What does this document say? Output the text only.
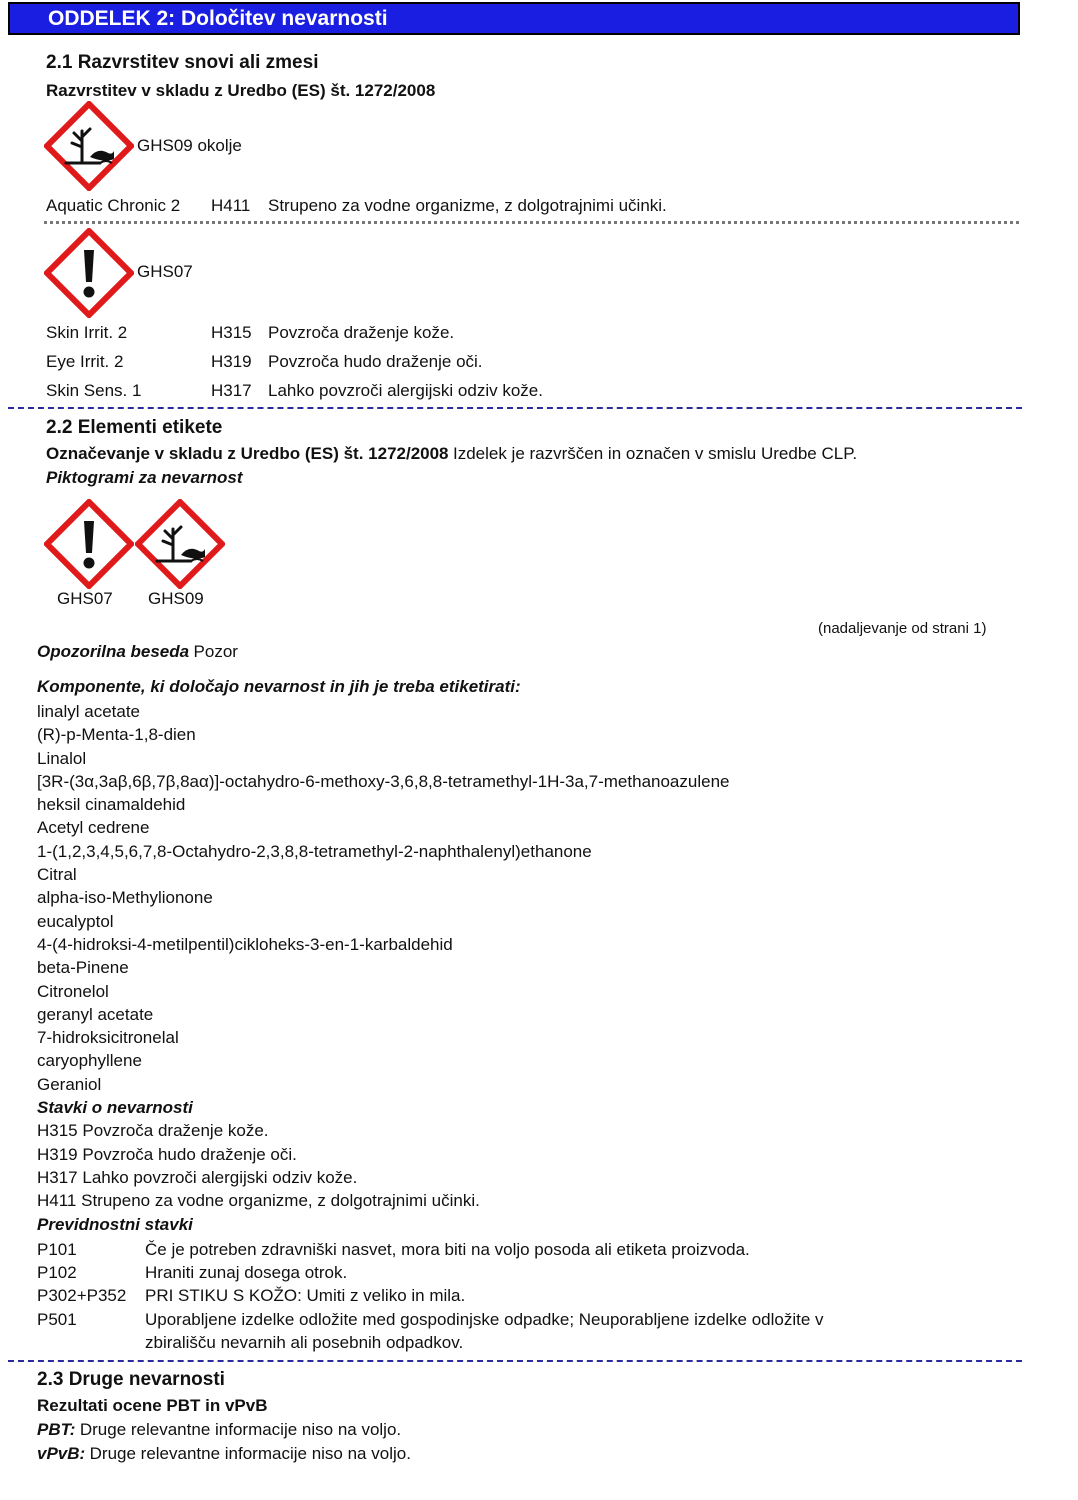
ODDELEK 2: Določitev nevarnosti
2.1 Razvrstitev snovi ali zmesi
Razvrstitev v skladu z Uredbo (ES) št. 1272/2008
GHS09 okolje
Aquatic Chronic 2 H411 Strupeno za vodne organizme, z dolgotrajnimi učinki.
GHS07
Skin Irrit. 2	H315 Povzroča draženje kože.
Eye Irrit. 2	H319 Povzroča hudo draženje oči.
Skin Sens. 1	H317 Lahko povzroči alergijski odziv kože.
2.2 Elementi etikete
Označevanje v skladu z Uredbo (ES) št. 1272/2008 Izdelek je razvrščen in označen v smislu Uredbe CLP.
Piktogrami za nevarnost
GHS07 GHS09
(nadaljevanje od strani 1)
Opozorilna beseda Pozor
Komponente, ki določajo nevarnost in jih je treba etiketirati:
linalyl acetate
(R)-p-Menta-1,8-dien
Linalol
[3R-(3α,3aβ,6β,7β,8aα)]-octahydro-6-methoxy-3,6,8,8-tetramethyl-1H-3a,7-methanoazulene
heksil cinamaldehid
Acetyl cedrene
1-(1,2,3,4,5,6,7,8-Octahydro-2,3,8,8-tetramethyl-2-naphthalenyl)ethanone
Citral
alpha-iso-Methylionone
eucalyptol
4-(4-hidroksi-4-metilpentil)cikloheks-3-en-1-karbaldehid
beta-Pinene
Citronelol
geranyl acetate
7-hidroksicitronelal
caryophyllene
Geraniol
Stavki o nevarnosti
H315 Povzroča draženje kože.
H319 Povzroča hudo draženje oči.
H317 Lahko povzroči alergijski odziv kože.
H411 Strupeno za vodne organizme, z dolgotrajnimi učinki.
Previdnostni stavki
P101	Če je potreben zdravniški nasvet, mora biti na voljo posoda ali etiketa proizvoda.
P102	Hraniti zunaj dosega otrok.
P302+P352 PRI STIKU S KOŽO: Umiti z veliko in mila.
P501	Uporabljene izdelke odložite med gospodinjske odpadke; Neuporabljene izdelke odložite v
zbirališču nevarnih ali posebnih odpadkov.
2.3 Druge nevarnosti
Rezultati ocene PBT in vPvB
PBT: Druge relevantne informacije niso na voljo.
vPvB: Druge relevantne informacije niso na voljo.
